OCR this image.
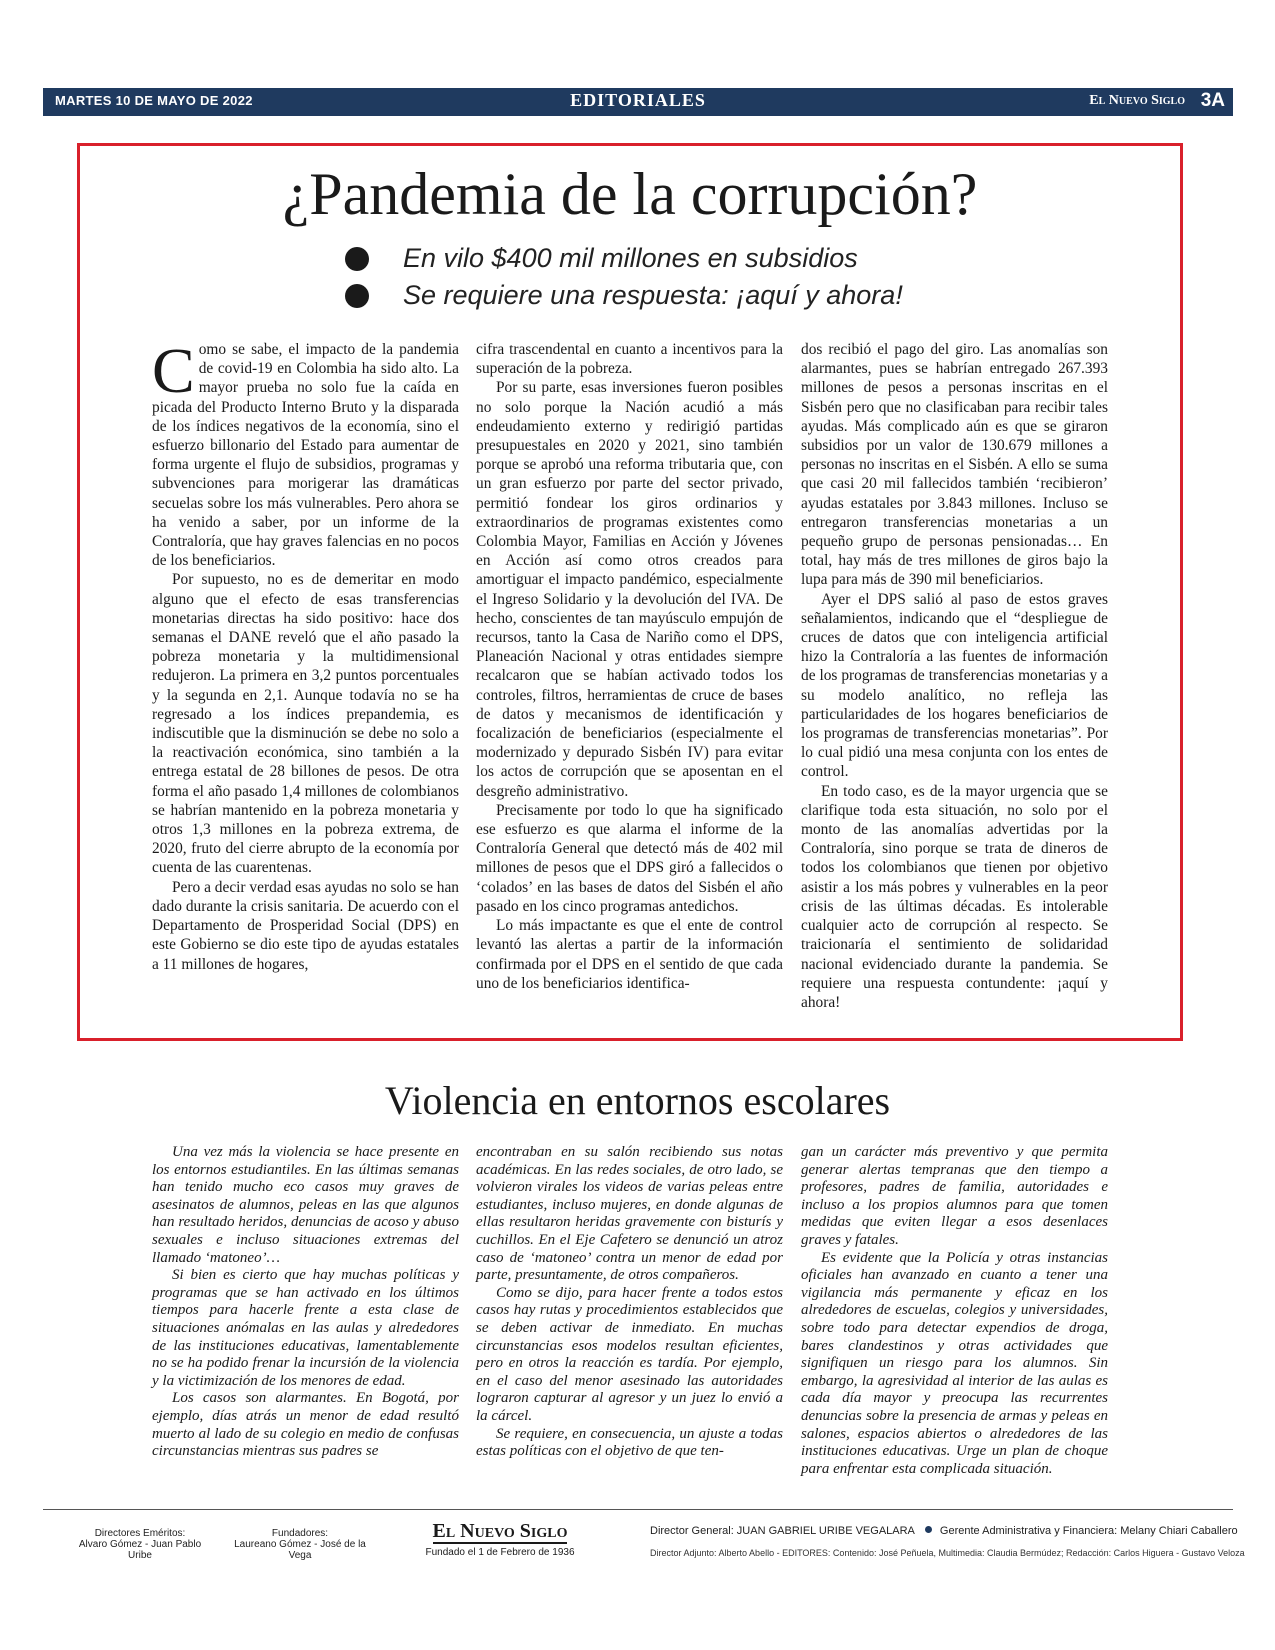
MARTES 10 DE MAYO DE 2022	EDITORIALES	El Nuevo Siglo 3A
¿Pandemia de la corrupción?
En vilo $400 mil millones en subsidios
Se requiere una respuesta: ¡aquí y ahora!

Como se sabe, el impacto de la pandemia de covid-19 en Colombia ha sido alto. La mayor prueba no solo fue la caída en picada del Producto Interno Bruto y la disparada de los índices negativos de la economía, sino el esfuerzo billonario del Estado para aumentar de forma urgente el flujo de subsidios, programas y subvenciones para morigerar las dramáticas secuelas sobre los más vulnerables. Pero ahora se ha venido a saber, por un informe de la Contraloría, que hay graves falencias en no pocos de los beneficiarios.

Por supuesto, no es de demeritar en modo alguno que el efecto de esas transferencias monetarias directas ha sido positivo: hace dos semanas el DANE reveló que el año pasado la pobreza monetaria y la multidimensional redujeron. La primera en 3,2 puntos porcentuales y la segunda en 2,1. Aunque todavía no se ha regresado a los índices prepandemia, es indiscutible que la disminución se debe no solo a la reactivación económica, sino también a la entrega estatal de 28 billones de pesos. De otra forma el año pasado 1,4 millones de colombianos se habrían mantenido en la pobreza monetaria y otros 1,3 millones en la pobreza extrema, de 2020, fruto del cierre abrupto de la economía por cuenta de las cuarentenas.

Pero a decir verdad esas ayudas no solo se han dado durante la crisis sanitaria. De acuerdo con el Departamento de Prosperidad Social (DPS) en este Gobierno se dio este tipo de ayudas estatales a 11 millones de hogares,

cifra trascendental en cuanto a incentivos para la superación de la pobreza.

Por su parte, esas inversiones fueron posibles no solo porque la Nación acudió a más endeudamiento externo y redirigió partidas presupuestales en 2020 y 2021, sino también porque se aprobó una reforma tributaria que, con un gran esfuerzo por parte del sector privado, permitió fondear los giros ordinarios y extraordinarios de programas existentes como Colombia Mayor, Familias en Acción y Jóvenes en Acción así como otros creados para amortiguar el impacto pandémico, especialmente el Ingreso Solidario y la devolución del IVA. De hecho, conscientes de tan mayúsculo empujón de recursos, tanto la Casa de Nariño como el DPS, Planeación Nacional y otras entidades siempre recalcaron que se habían activado todos los controles, filtros, herramientas de cruce de bases de datos y mecanismos de identificación y focalización de beneficiarios (especialmente el modernizado y depurado Sisbén IV) para evitar los actos de corrupción que se aposentan en el desgreño administrativo.

Precisamente por todo lo que ha significado ese esfuerzo es que alarma el informe de la Contraloría General que detectó más de 402 mil millones de pesos que el DPS giró a fallecidos o ‘colados’ en las bases de datos del Sisbén el año pasado en los cinco programas antedichos.

Lo más impactante es que el ente de control levantó las alertas a partir de la información confirmada por el DPS en el sentido de que cada uno de los beneficiarios identifica-

dos recibió el pago del giro. Las anomalías son alarmantes, pues se habrían entregado 267.393 millones de pesos a personas inscritas en el Sisbén pero que no clasificaban para recibir tales ayudas. Más complicado aún es que se giraron subsidios por un valor de 130.679 millones a personas no inscritas en el Sisbén. A ello se suma que casi 20 mil fallecidos también ‘recibieron’ ayudas estatales por 3.843 millones. Incluso se entregaron transferencias monetarias a un pequeño grupo de personas pensionadas… En total, hay más de tres millones de giros bajo la lupa para más de 390 mil beneficiarios.

Ayer el DPS salió al paso de estos graves señalamientos, indicando que el “despliegue de cruces de datos que con inteligencia artificial hizo la Contraloría a las fuentes de información de los programas de transferencias monetarias y a su modelo analítico, no refleja las particularidades de los hogares beneficiarios de los programas de transferencias monetarias”. Por lo cual pidió una mesa conjunta con los entes de control.

En todo caso, es de la mayor urgencia que se clarifique toda esta situación, no solo por el monto de las anomalías advertidas por la Contraloría, sino porque se trata de dineros de todos los colombianos que tienen por objetivo asistir a los más pobres y vulnerables en la peor crisis de las últimas décadas. Es intolerable cualquier acto de corrupción al respecto. Se traicionaría el sentimiento de solidaridad nacional evidenciado durante la pandemia. Se requiere una respuesta contundente: ¡aquí y ahora!

Violencia en entornos escolares

Una vez más la violencia se hace presente en los entornos estudiantiles. En las últimas semanas han tenido mucho eco casos muy graves de asesinatos de alumnos, peleas en las que algunos han resultado heridos, denuncias de acoso y abuso sexuales e incluso situaciones extremas del llamado ‘matoneo’…

Si bien es cierto que hay muchas políticas y programas que se han activado en los últimos tiempos para hacerle frente a esta clase de situaciones anómalas en las aulas y alrededores de las instituciones educativas, lamentablemente no se ha podido frenar la incursión de la violencia y la victimización de los menores de edad.

Los casos son alarmantes. En Bogotá, por ejemplo, días atrás un menor de edad resultó muerto al lado de su colegio en medio de confusas circunstancias mientras sus padres se

encontraban en su salón recibiendo sus notas académicas. En las redes sociales, de otro lado, se volvieron virales los videos de varias peleas entre estudiantes, incluso mujeres, en donde algunas de ellas resultaron heridas gravemente con bisturís y cuchillos. En el Eje Cafetero se denunció un atroz caso de ‘matoneo’ contra un menor de edad por parte, presuntamente, de otros compañeros.

Como se dijo, para hacer frente a todos estos casos hay rutas y procedimientos establecidos que se deben activar de inmediato. En muchas circunstancias esos modelos resultan eficientes, pero en otros la reacción es tardía. Por ejemplo, en el caso del menor asesinado las autoridades lograron capturar al agresor y un juez lo envió a la cárcel.

Se requiere, en consecuencia, un ajuste a todas estas políticas con el objetivo de que ten-

gan un carácter más preventivo y que permita generar alertas tempranas que den tiempo a profesores, padres de familia, autoridades e incluso a los propios alumnos para que tomen medidas que eviten llegar a esos desenlaces graves y fatales.

Es evidente que la Policía y otras instancias oficiales han avanzado en cuanto a tener una vigilancia más permanente y eficaz en los alrededores de escuelas, colegios y universidades, sobre todo para detectar expendios de droga, bares clandestinos y otras actividades que signifiquen un riesgo para los alumnos. Sin embargo, la agresividad al interior de las aulas es cada día mayor y preocupa las recurrentes denuncias sobre la presencia de armas y peleas en salones, espacios abiertos o alrededores de las instituciones educativas. Urge un plan de choque para enfrentar esta complicada situación.

Directores Eméritos:
Alvaro Gómez - Juan Pablo Uribe
Fundadores:
Laureano Gómez - José de la Vega
El Nuevo Siglo
Fundado el 1 de Febrero de 1936
Director General: JUAN GABRIEL URIBE VEGALARA Gerente Administrativa y Financiera: Melany Chiari Caballero
Director Adjunto: Alberto Abello - EDITORES: Contenido: José Peñuela, Multimedia: Claudia Bermúdez; Redacción: Carlos Higuera - Gustavo Veloza
